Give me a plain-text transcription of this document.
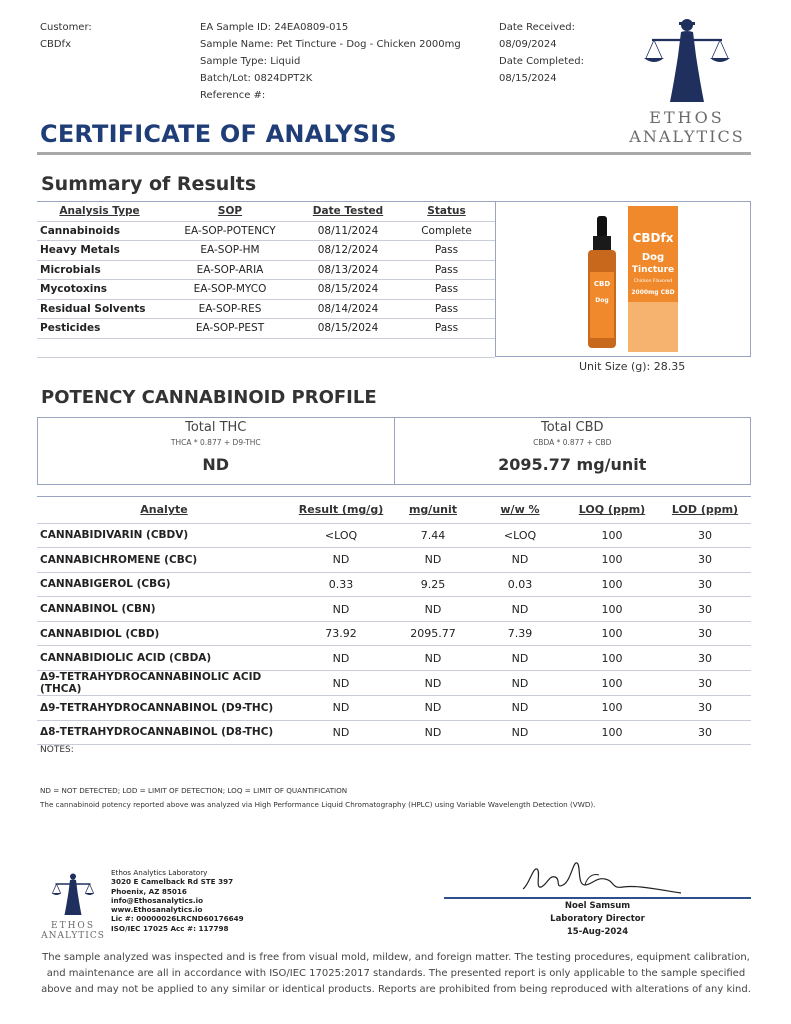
Customer:
CBDfx
EA Sample ID: 24EA0809-015
Sample Name: Pet Tincture - Dog - Chicken 2000mg
Sample Type: Liquid
Batch/Lot: 0824DPT2K
Reference #:
Date Received:
08/09/2024
Date Completed:
08/15/2024
ETHOS
ANALYTICS
CERTIFICATE OF ANALYSIS
Summary of Results
Analysis Type	SOP	Date Tested	Status
Cannabinoids	EA-SOP-POTENCY	08/11/2024	Complete
Heavy Metals	EA-SOP-HM	08/12/2024	Pass
Microbials	EA-SOP-ARIA	08/13/2024	Pass
Mycotoxins	EA-SOP-MYCO	08/15/2024	Pass
Residual Solvents	EA-SOP-RES	08/14/2024	Pass
Pesticides	EA-SOP-PEST	08/15/2024	Pass

CBDfx
Dog
Tincture
Chicken Flavored
2000mg CBD
CBD
Dog
Unit Size (g): 28.35
POTENCY CANNABINOID PROFILE
Total THC
THCA * 0.877 + D9-THC
ND
Total CBD
CBDA * 0.877 + CBD
2095.77 mg/unit
Analyte	Result (mg/g)	mg/unit	w/w %	LOQ (ppm)	LOD (ppm)
CANNABIDIVARIN (CBDV)	<LOQ	7.44	<LOQ	100	30
CANNABICHROMENE (CBC)	ND	ND	ND	100	30
CANNABIGEROL (CBG)	0.33	9.25	0.03	100	30
CANNABINOL (CBN)	ND	ND	ND	100	30
CANNABIDIOL (CBD)	73.92	2095.77	7.39	100	30
CANNABIDIOLIC ACID (CBDA)	ND	ND	ND	100	30
Δ9-TETRAHYDROCANNABINOLIC ACID (THCA)	ND	ND	ND	100	30
Δ9-TETRAHYDROCANNABINOL (D9-THC)	ND	ND	ND	100	30
Δ8-TETRAHYDROCANNABINOL (D8-THC)	ND	ND	ND	100	30
NOTES:
ND = NOT DETECTED; LOD = LIMIT OF DETECTION; LOQ = LIMIT OF QUANTIFICATION
The cannabinoid potency reported above was analyzed via High Performance Liquid Chromatography (HPLC) using Variable Wavelength Detection (VWD).
ETHOS
ANALYTICS
Ethos Analytics Laboratory
3020 E Camelback Rd STE 397
Phoenix, AZ 85016
info@Ethosanalytics.io
www.Ethosanalytics.io
Lic #: 00000026LRCND60176649
ISO/IEC 17025 Acc #: 117798
Noel Samsum
Laboratory Director
15-Aug-2024
The sample analyzed was inspected and is free from visual mold, mildew, and foreign matter. The testing procedures, equipment calibration, and maintenance are all in accordance with ISO/IEC 17025:2017 standards. The presented report is only applicable to the sample specified above and may not be applied to any similar or identical products. Reports are prohibited from being reproduced with alterations of any kind.
